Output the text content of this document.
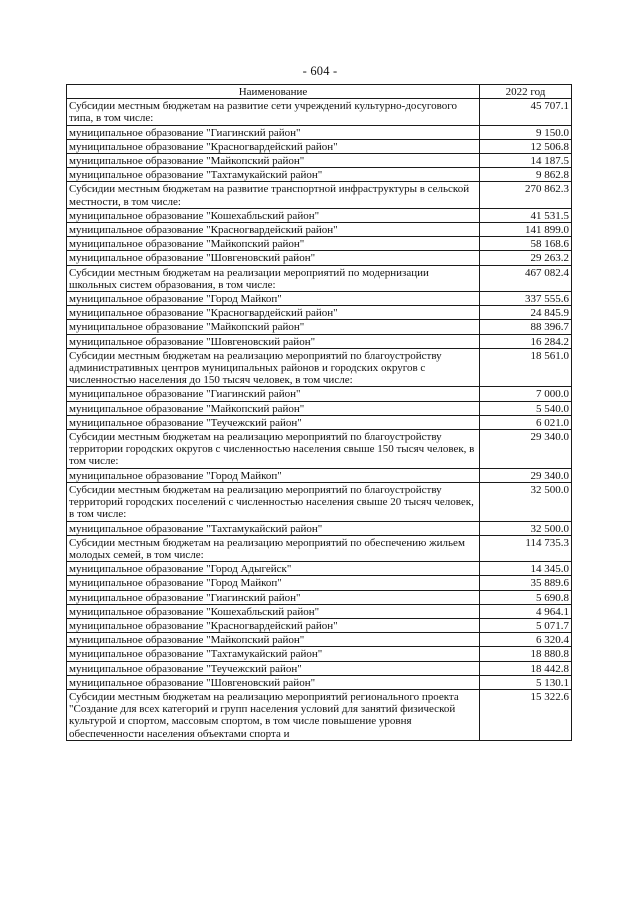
- 604 -
Наименование	2022 год
Субсидии местным бюджетам на развитие сети учреждений культурно-досугового типа, в том числе:	45 707.1
муниципальное образование "Гиагинский район"	9 150.0
муниципальное образование "Красногвардейский район"	12 506.8
муниципальное образование "Майкопский район"	14 187.5
муниципальное образование "Тахтамукайский район"	9 862.8
Субсидии местным бюджетам на развитие транспортной инфраструктуры в сельской местности, в том числе:	270 862.3
муниципальное образование "Кошехабльский район"	41 531.5
муниципальное образование "Красногвардейский район"	141 899.0
муниципальное образование "Майкопский район"	58 168.6
муниципальное образование "Шовгеновский район"	29 263.2
Субсидии местным бюджетам на реализации мероприятий по модернизации школьных систем образования, в том числе:	467 082.4
муниципальное образование "Город Майкоп"	337 555.6
муниципальное образование "Красногвардейский район"	24 845.9
муниципальное образование "Майкопский район"	88 396.7
муниципальное образование "Шовгеновский район"	16 284.2
Субсидии местным бюджетам на реализацию мероприятий по благоустройству административных центров муниципальных районов и городских округов с численностью населения до 150 тысяч человек, в том числе:	18 561.0
муниципальное образование "Гиагинский район"	7 000.0
муниципальное образование "Майкопский район"	5 540.0
муниципальное образование "Теучежский район"	6 021.0
Субсидии местным бюджетам на реализацию мероприятий по благоустройству территории городских округов с численностью населения свыше 150 тысяч человек, в том числе:	29 340.0
муниципальное образование "Город Майкоп"	29 340.0
Субсидии местным бюджетам на реализацию мероприятий по благоустройству территорий городских поселений с численностью населения свыше 20 тысяч человек, в том числе:	32 500.0
муниципальное образование "Тахтамукайский район"	32 500.0
Субсидии местным бюджетам на реализацию мероприятий по обеспечению жильем молодых семей, в том числе:	114 735.3
муниципальное образование "Город Адыгейск"	14 345.0
муниципальное образование "Город Майкоп"	35 889.6
муниципальное образование "Гиагинский район"	5 690.8
муниципальное образование "Кошехабльский район"	4 964.1
муниципальное образование "Красногвардейский район"	5 071.7
муниципальное образование "Майкопский район"	6 320.4
муниципальное образование "Тахтамукайский район"	18 880.8
муниципальное образование "Теучежский район"	18 442.8
муниципальное образование "Шовгеновский район"	5 130.1
Субсидии местным бюджетам на реализацию мероприятий регионального проекта "Создание для всех категорий и групп населения условий для занятий физической культурой и спортом, массовым спортом, в том числе повышение уровня обеспеченности населения объектами спорта и	15 322.6
